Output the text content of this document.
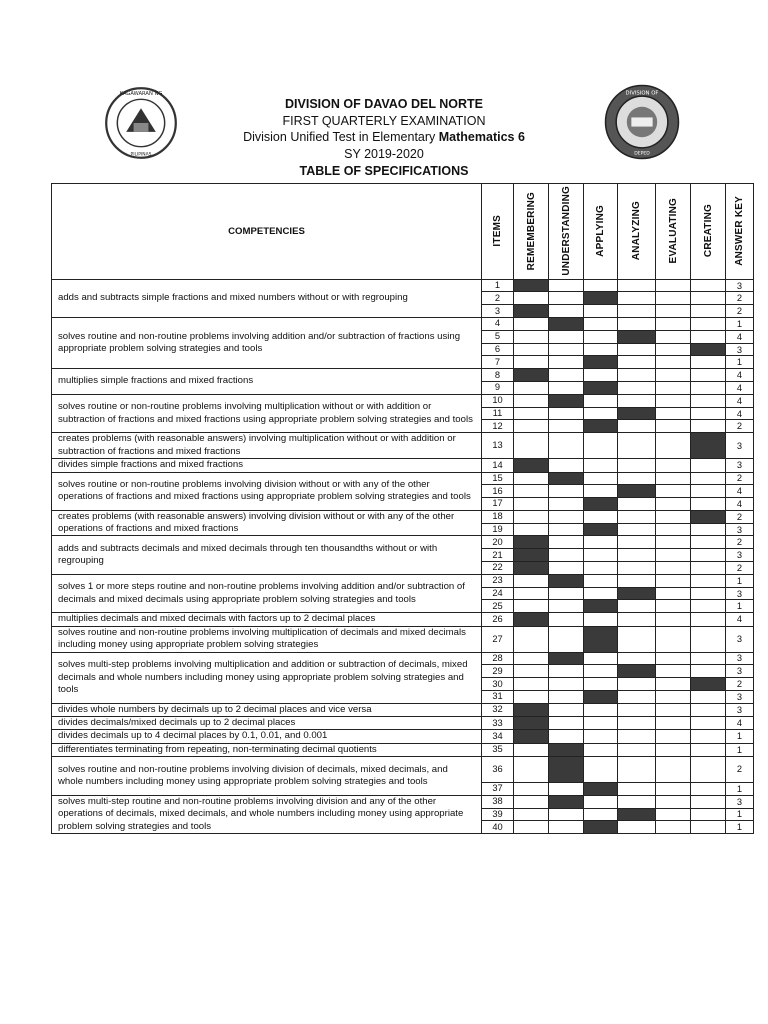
KAGAWARAN NG
PILIPINAS
DIVISION OF
DEPED
DIVISION OF DAVAO DEL NORTE
FIRST QUARTERLY EXAMINATION
Division Unified Test in Elementary Mathematics 6
SY 2019-2020
TABLE OF SPECIFICATIONS
COMPETENCIES	ITEMS	REMEMBERING	UNDERSTANDING	APPLYING	ANALYZING	EVALUATING	CREATING	ANSWER KEY
adds and subtracts simple fractions and mixed numbers without or with regrouping	1							3
	2							2
	3							2
solves routine and non-routine problems involving addition and/or subtraction of fractions using appropriate problem solving strategies and tools	4							1
	5							4
	6							3
	7							1
multiplies simple fractions and mixed fractions	8							4
	9							4
solves routine or non-routine problems involving multiplication without or with addition or subtraction of fractions and mixed fractions using appropriate problem solving strategies and tools	10							4
	11							4
	12							2
creates problems (with reasonable answers) involving multiplication without or with addition or subtraction of fractions and mixed fractions	13							3
divides simple fractions and mixed fractions	14							3
solves routine or non-routine problems involving division without or with any of the other operations of fractions and mixed fractions using appropriate problem solving strategies and tools	15							2
	16							4
	17							4
creates problems (with reasonable answers) involving division without or with any of the other operations of fractions and mixed fractions	18							2
	19							3
adds and subtracts decimals and mixed decimals through ten thousandths without or with regrouping	20							2
	21							3
	22							2
solves 1 or more steps routine and non-routine problems involving addition and/or subtraction of decimals and mixed decimals using appropriate problem solving strategies and tools	23							1
	24							3
	25							1
multiplies decimals and mixed decimals with factors up to 2 decimal places	26							4
solves routine and non-routine problems involving multiplication of decimals and mixed decimals including money using appropriate problem solving strategies	27							3
solves multi-step problems involving multiplication and addition or subtraction of decimals, mixed decimals and whole numbers including money using appropriate problem solving strategies and tools	28							3
	29							3
	30							2
	31							3
divides whole numbers by decimals up to 2 decimal places and vice versa	32							3
divides decimals/mixed decimals up to 2 decimal places	33							4
divides decimals up to 4 decimal places by 0.1, 0.01, and 0.001	34							1
differentiates terminating from repeating, non-terminating decimal quotients	35							1
solves routine and non-routine problems involving division of decimals, mixed decimals, and whole numbers including money using appropriate problem solving strategies and tools	36							2
	37							1
solves multi-step routine and non-routine problems involving division and any of the other operations of decimals, mixed decimals, and whole numbers including money using appropriate problem solving strategies and tools	38							3
	39							1
	40							1
